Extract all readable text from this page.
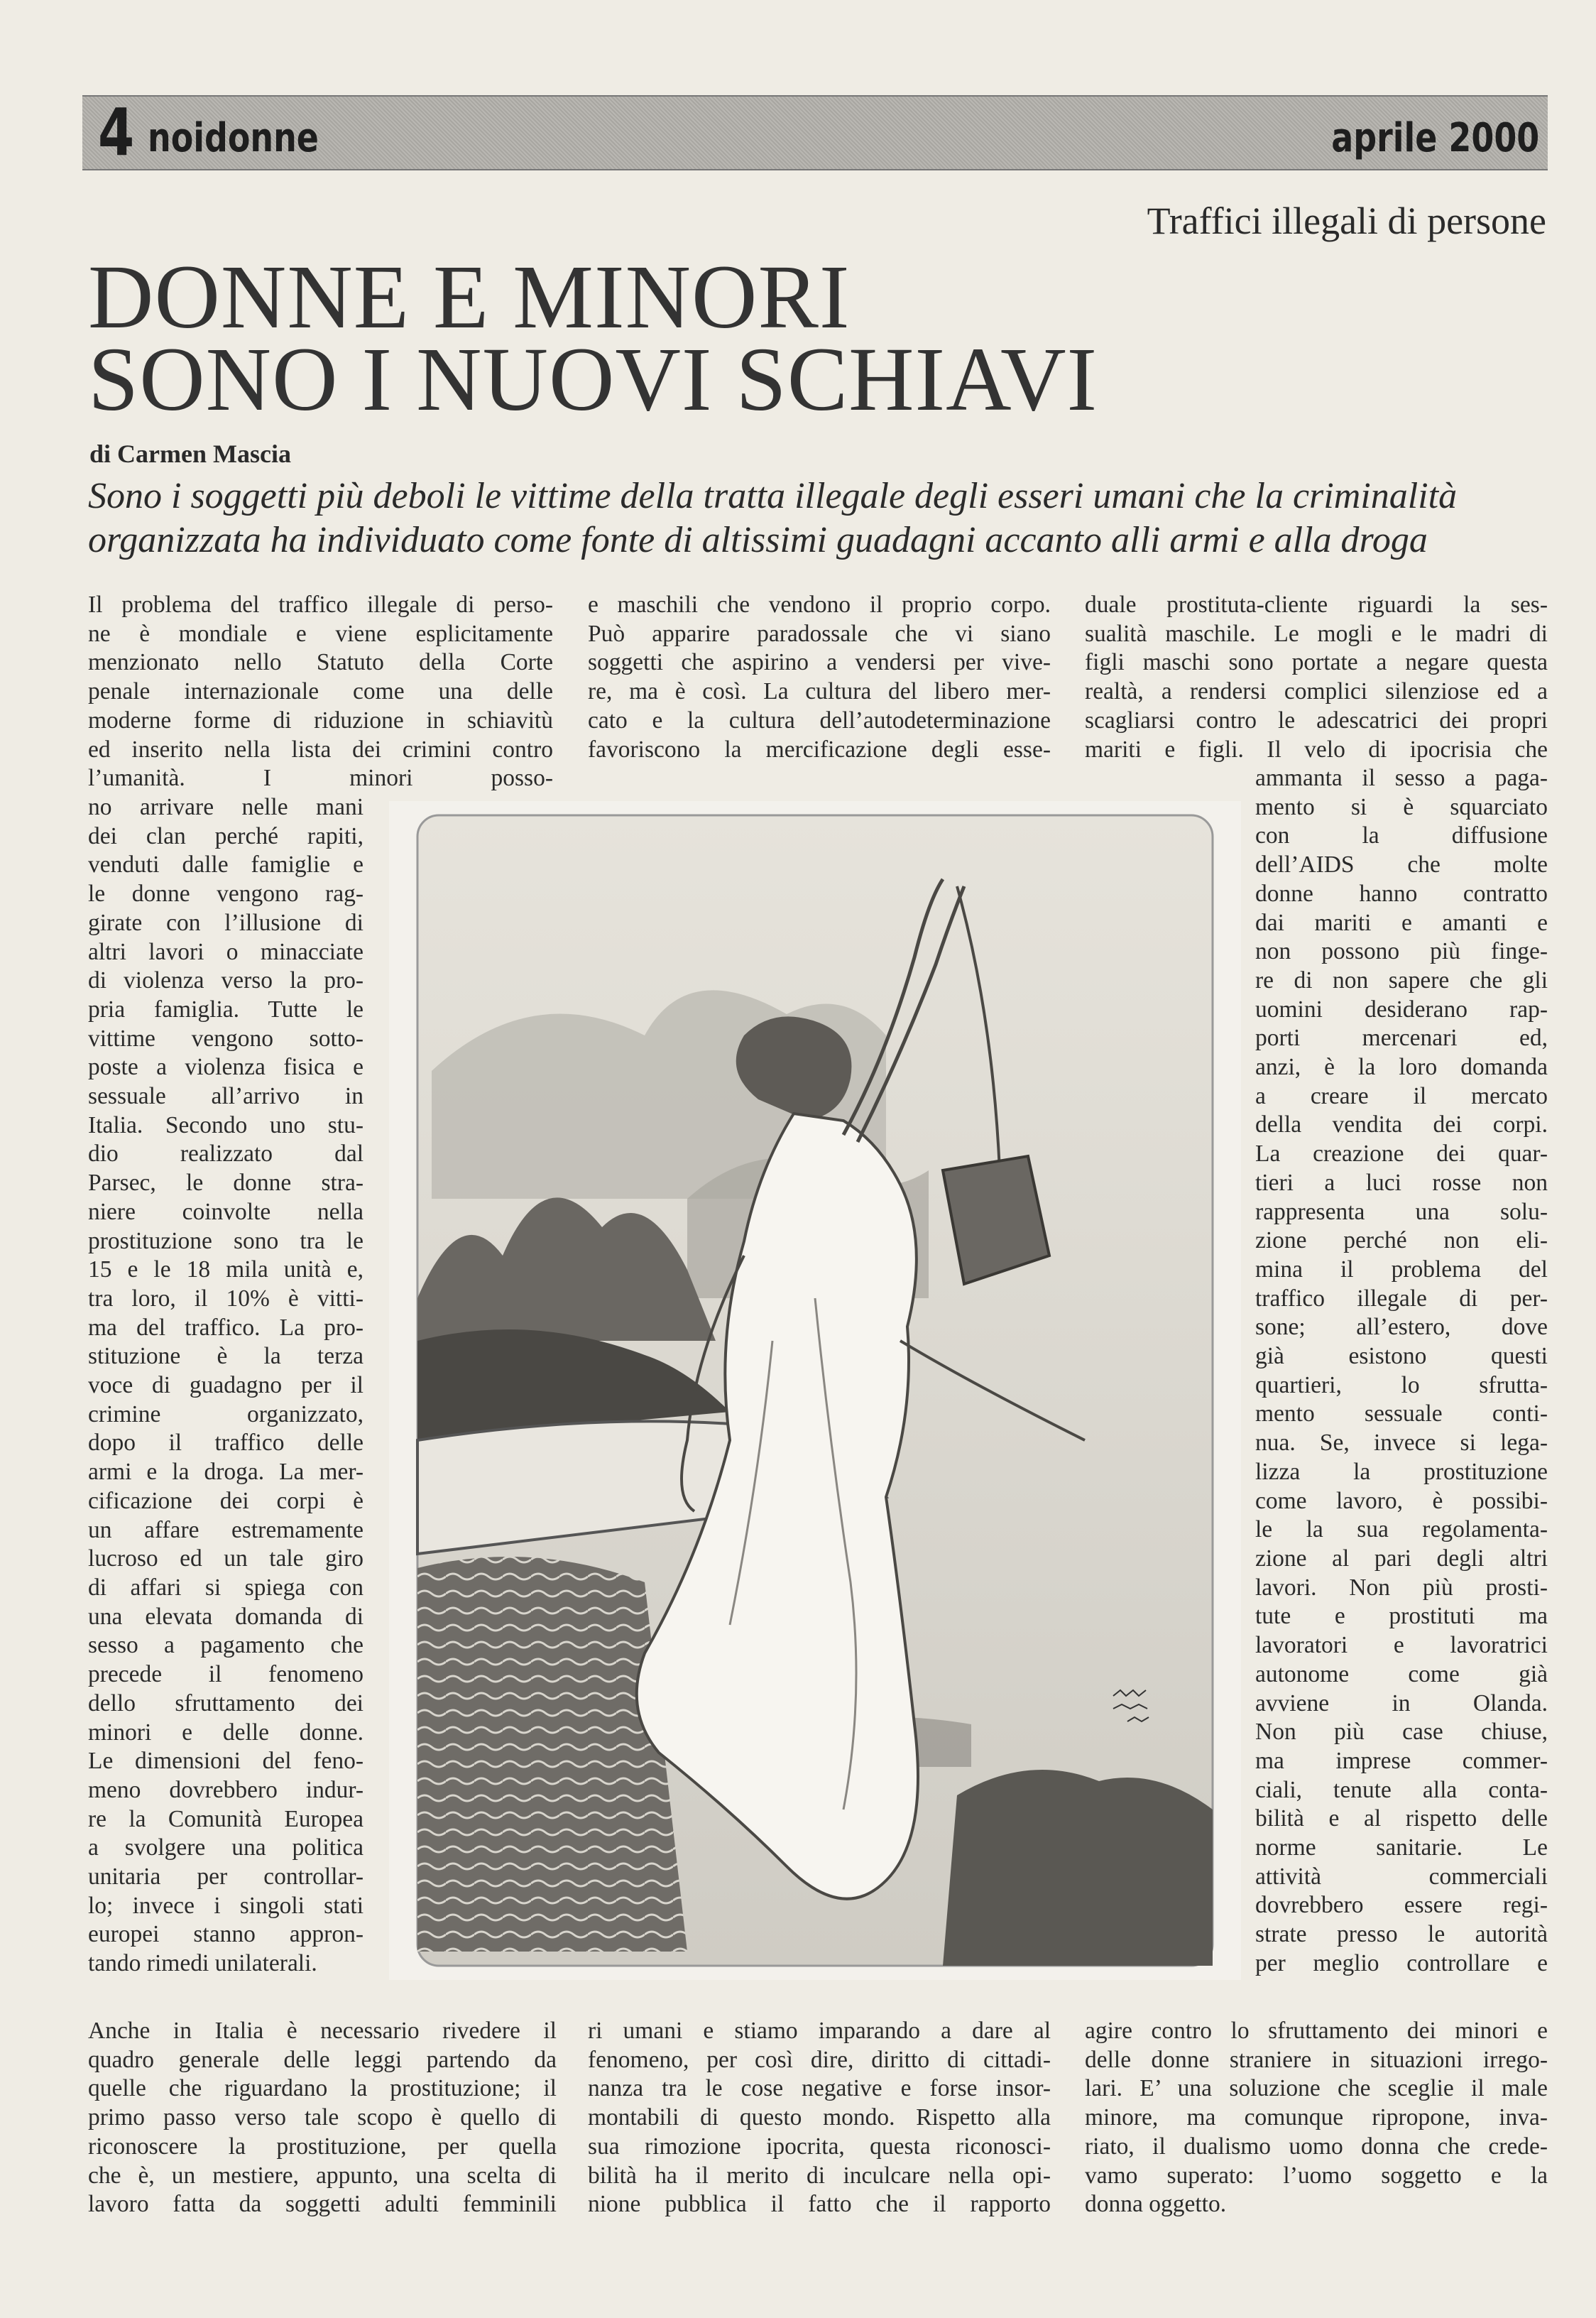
4 noidonne	aprile 2000
Traffici illegali di persone
DONNE E MINORI
SONO I NUOVI SCHIAVI
di Carmen Mascia
Sono i soggetti più deboli le vittime della tratta illegale degli esseri umani che la criminalità organizzata ha individuato come fonte di altissimi guadagni accanto alli armi e alla droga
Il problema del traffico illegale di perso-
ne è mondiale e viene esplicitamente
menzionato nello Statuto della Corte
penale internazionale come una delle
moderne forme di riduzione in schiavitù
ed inserito nella lista dei crimini contro
l’umanità. I minori posso-
no arrivare nelle mani
dei clan perché rapiti,
venduti dalle famiglie e
le donne vengono rag-
girate con l’illusione di
altri lavori o minacciate
di violenza verso la pro-
pria famiglia. Tutte le
vittime vengono sotto-
poste a violenza fisica e
sessuale all’arrivo in
Italia. Secondo uno stu-
dio realizzato dal
Parsec, le donne stra-
niere coinvolte nella
prostituzione sono tra le
15 e le 18 mila unità e,
tra loro, il 10% è vitti-
ma del traffico. La pro-
stituzione è la terza
voce di guadagno per il
crimine organizzato,
dopo il traffico delle
armi e la droga. La mer-
cificazione dei corpi è
un affare estremamente
lucroso ed un tale giro
di affari si spiega con
una elevata domanda di
sesso a pagamento che
precede il fenomeno
dello sfruttamento dei
minori e delle donne.
Le dimensioni del feno-
meno dovrebbero indur-
re la Comunità Europea
a svolgere una politica
unitaria per controllar-
lo; invece i singoli stati
europei stanno appron-
tando rimedi unilaterali.
Anche in Italia è necessario rivedere il
quadro generale delle leggi partendo da
quelle che riguardano la prostituzione; il
primo passo verso tale scopo è quello di
riconoscere la prostituzione, per quella
che è, un mestiere, appunto, una scelta di
lavoro fatta da soggetti adulti femminili
e maschili che vendono il proprio corpo.
Può apparire paradossale che vi siano
soggetti che aspirino a vendersi per vive-
re, ma è così. La cultura del libero mer-
cato e la cultura dell’autodeterminazione
favoriscono la mercificazione degli esse-
ri umani e stiamo imparando a dare al
fenomeno, per così dire, diritto di cittadi-
nanza tra le cose negative e forse insor-
montabili di questo mondo. Rispetto alla
sua rimozione ipocrita, questa riconosci-
bilità ha il merito di inculcare nella opi-
nione pubblica il fatto che il rapporto
duale prostituta-cliente riguardi la ses-
sualità maschile. Le mogli e le madri di
figli maschi sono portate a negare questa
realtà, a rendersi complici silenziose ed a
scagliarsi contro le adescatrici dei propri
mariti e figli. Il velo di ipocrisia che
ammanta il sesso a paga-
mento si è squarciato
con la diffusione
dell’AIDS che molte
donne hanno contratto
dai mariti e amanti e
non possono più finge-
re di non sapere che gli
uomini desiderano rap-
porti mercenari ed,
anzi, è la loro domanda
a creare il mercato
della vendita dei corpi.
La creazione dei quar-
tieri a luci rosse non
rappresenta una solu-
zione perché non eli-
mina il problema del
traffico illegale di per-
sone; all’estero, dove
già esistono questi
quartieri, lo sfrutta-
mento sessuale conti-
nua. Se, invece si lega-
lizza la prostituzione
come lavoro, è possibi-
le la sua regolamenta-
zione al pari degli altri
lavori. Non più prosti-
tute e prostituti ma
lavoratori e lavoratrici
autonome come già
avviene in Olanda.
Non più case chiuse,
ma imprese commer-
ciali, tenute alla conta-
bilità e al rispetto delle
norme sanitarie. Le
attività commerciali
dovrebbero essere regi-
strate presso le autorità
per meglio controllare e
agire contro lo sfruttamento dei minori e
delle donne straniere in situazioni irrego-
lari. E’ una soluzione che sceglie il male
minore, ma comunque ripropone, inva-
riato, il dualismo uomo donna che crede-
vamo superato: l’uomo soggetto e la
donna oggetto.
